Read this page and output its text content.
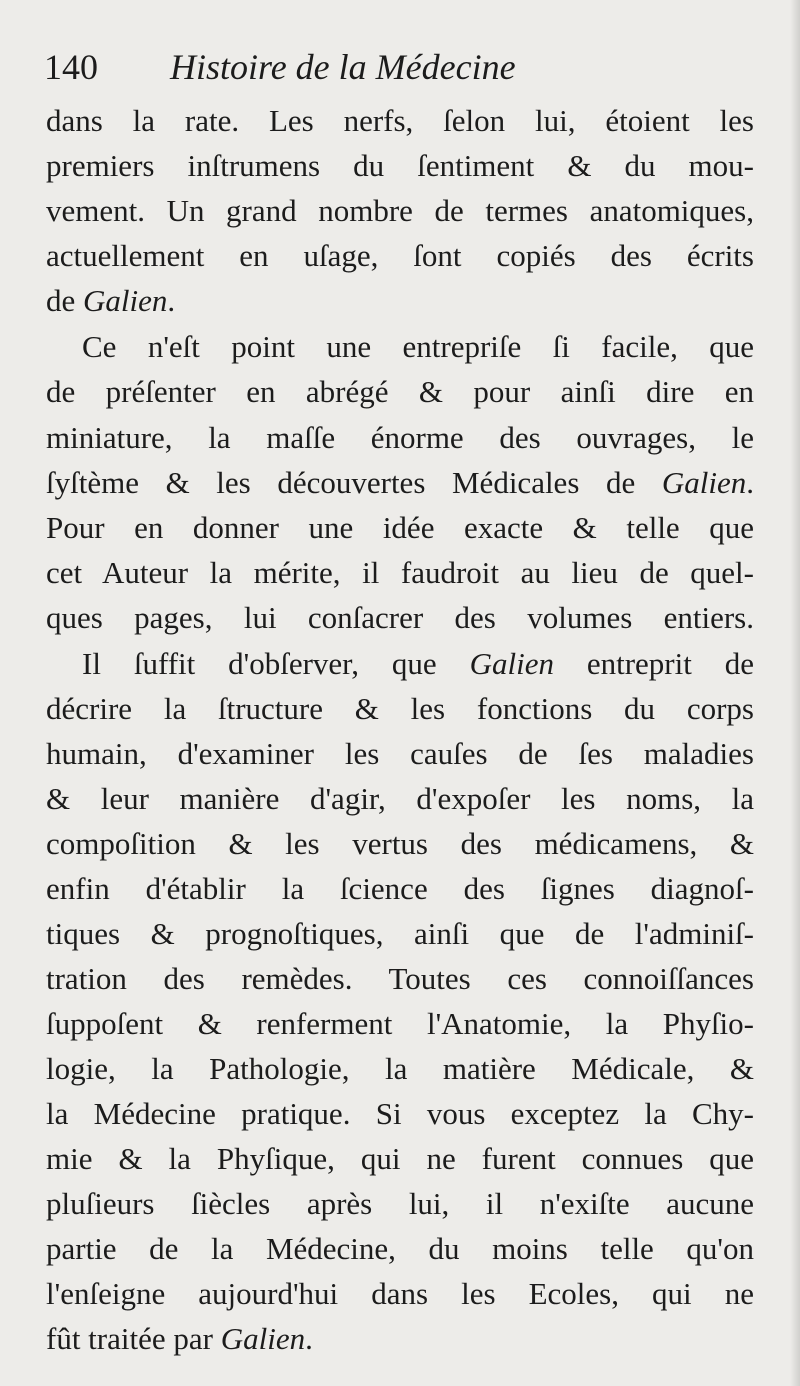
140 Histoire de la Médecine
dans la rate. Les nerfs, ſelon lui, étoient les
premiers inſtrumens du ſentiment & du mou-
vement. Un grand nombre de termes anatomiques,
actuellement en uſage, ſont copiés des écrits
de Galien.
Ce n'eſt point une entrepriſe ſi facile, que
de préſenter en abrégé & pour ainſi dire en
miniature, la maſſe énorme des ouvrages, le
ſyſtème & les découvertes Médicales de Galien.
Pour en donner une idée exacte & telle que
cet Auteur la mérite, il faudroit au lieu de quel-
ques pages, lui conſacrer des volumes entiers.
Il ſuffit d'obſerver, que Galien entreprit de
décrire la ſtructure & les fonctions du corps
humain, d'examiner les cauſes de ſes maladies
& leur manière d'agir, d'expoſer les noms, la
compoſition & les vertus des médicamens, &
enfin d'établir la ſcience des ſignes diagnoſ-
tiques & prognoſtiques, ainſi que de l'adminiſ-
tration des remèdes. Toutes ces connoiſſances
ſuppoſent & renferment l'Anatomie, la Phyſio-
logie, la Pathologie, la matière Médicale, &
la Médecine pratique. Si vous exceptez la Chy-
mie & la Phyſique, qui ne furent connues que
pluſieurs ſiècles après lui, il n'exiſte aucune
partie de la Médecine, du moins telle qu'on
l'enſeigne aujourd'hui dans les Ecoles, qui ne
fût traitée par Galien.
